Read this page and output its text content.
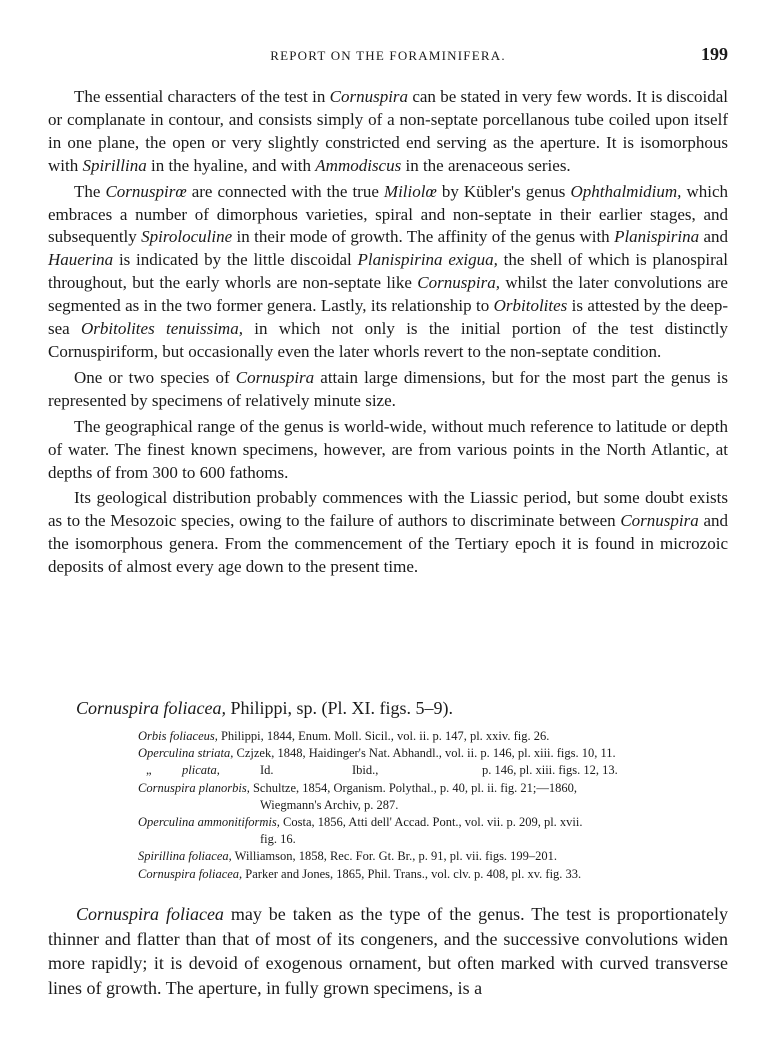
REPORT ON THE FORAMINIFERA.	199

The essential characters of the test in Cornuspira can be stated in very few words. It is discoidal or complanate in contour, and consists simply of a non-septate porcellanous tube coiled upon itself in one plane, the open or very slightly constricted end serving as the aperture. It is isomorphous with Spirillina in the hyaline, and with Ammodiscus in the arenaceous series.

The Cornuspirœ are connected with the true Miliolœ by Kübler's genus Ophthalmidium, which embraces a number of dimorphous varieties, spiral and non-septate in their earlier stages, and subsequently Spiroloculine in their mode of growth. The affinity of the genus with Planispirina and Hauerina is indicated by the little discoidal Planispirina exigua, the shell of which is planospiral throughout, but the early whorls are non-septate like Cornuspira, whilst the later convolutions are segmented as in the two former genera. Lastly, its relationship to Orbitolites is attested by the deep-sea Orbitolites tenuissima, in which not only is the initial portion of the test distinctly Cornuspiriform, but occasionally even the later whorls revert to the non-septate condition.

One or two species of Cornuspira attain large dimensions, but for the most part the genus is represented by specimens of relatively minute size.

The geographical range of the genus is world-wide, without much reference to latitude or depth of water. The finest known specimens, however, are from various points in the North Atlantic, at depths of from 300 to 600 fathoms.

Its geological distribution probably commences with the Liassic period, but some doubt exists as to the Mesozoic species, owing to the failure of authors to discriminate between Cornuspira and the isomorphous genera. From the commencement of the Tertiary epoch it is found in microzoic deposits of almost every age down to the present time.

Cornuspira foliacea, Philippi, sp. (Pl. XI. figs. 5–9).

Orbis foliaceus, Philippi, 1844, Enum. Moll. Sicil., vol. ii. p. 147, pl. xxiv. fig. 26.

Operculina striata, Czjzek, 1848, Haidinger's Nat. Abhandl., vol. ii. p. 146, pl. xiii. figs. 10, 11.

„ plicata,	Id.	Ibid.,	p. 146, pl. xiii. figs. 12, 13.

Cornuspira planorbis, Schultze, 1854, Organism. Polythal., p. 40, pl. ii. fig. 21;—1860,

Wiegmann's Archiv, p. 287.

Operculina ammonitiformis, Costa, 1856, Atti dell' Accad. Pont., vol. vii. p. 209, pl. xvii.

fig. 16.

Spirillina foliacea, Williamson, 1858, Rec. For. Gt. Br., p. 91, pl. vii. figs. 199–201.

Cornuspira foliacea, Parker and Jones, 1865, Phil. Trans., vol. clv. p. 408, pl. xv. fig. 33.

Cornuspira foliacea may be taken as the type of the genus. The test is proportionately thinner and flatter than that of most of its congeners, and the successive convolutions widen more rapidly; it is devoid of exogenous ornament, but often marked with curved transverse lines of growth. The aperture, in fully grown specimens, is a
